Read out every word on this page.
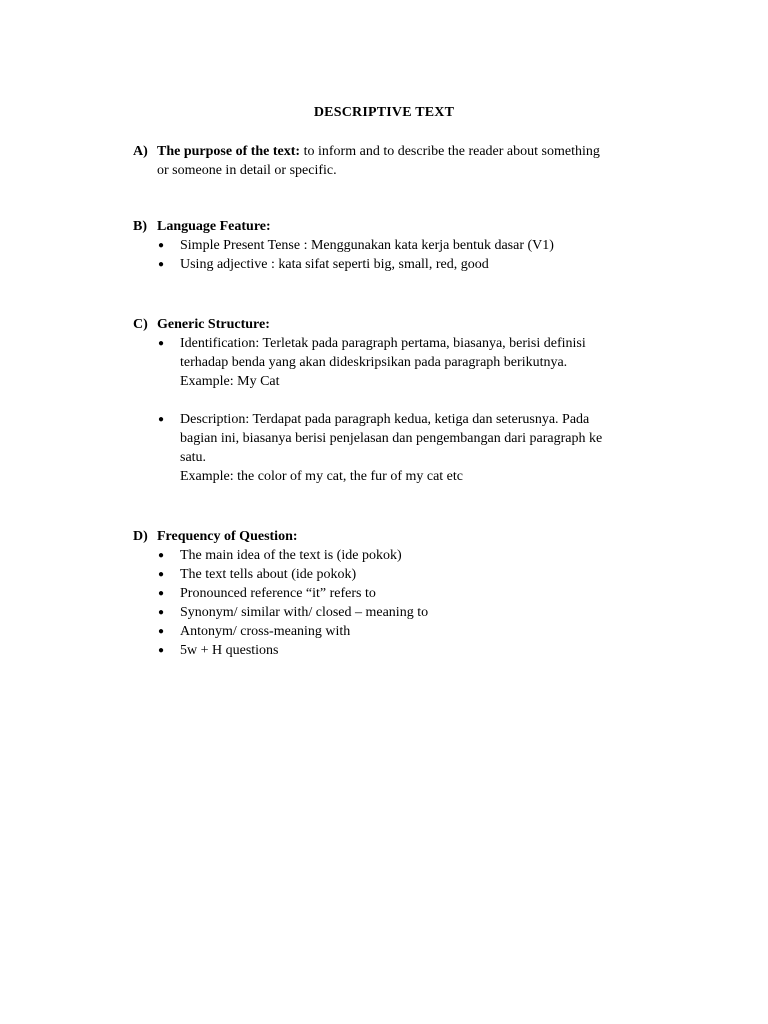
DESCRIPTIVE TEXT
A) The purpose of the text: to inform and to describe the reader about something
or someone in detail or specific.
B) Language Feature:
● Simple Present Tense : Menggunakan kata kerja bentuk dasar (V1)
● Using adjective : kata sifat seperti big, small, red, good
C) Generic Structure:
● Identification: Terletak pada paragraph pertama, biasanya, berisi definisi
terhadap benda yang akan dideskripsikan pada paragraph berikutnya.
Example: My Cat
● Description: Terdapat pada paragraph kedua, ketiga dan seterusnya. Pada
bagian ini, biasanya berisi penjelasan dan pengembangan dari paragraph ke
satu.
Example: the color of my cat, the fur of my cat etc
D) Frequency of Question:
● The main idea of the text is (ide pokok)
● The text tells about (ide pokok)
● Pronounced reference “it” refers to
● Synonym/ similar with/ closed – meaning to
● Antonym/ cross-meaning with
● 5w + H questions
